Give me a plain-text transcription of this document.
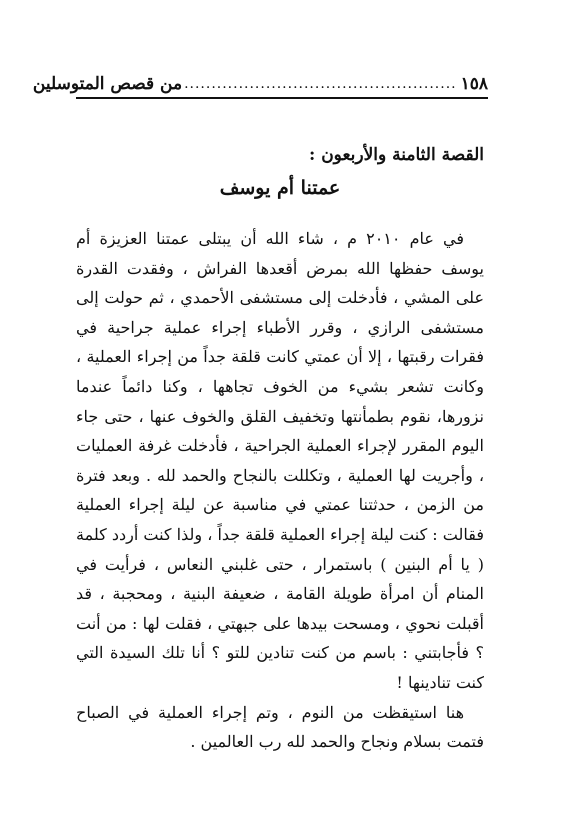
١٥٨
..................................................
من قصص المتوسلين
القصة الثامنة والأربعون :
عمتنا أم يوسف

في عام ٢٠١٠ م ، شاء الله أن يبتلى عمتنا العزيزة أم يوسف حفظها الله بمرض أقعدها الفراش ، وفقدت القدرة على المشي ، فأدخلت إلى مستشفى الأحمدي ، ثم حولت إلى مستشفى الرازي ، وقرر الأطباء إجراء عملية جراحية في فقرات رقبتها ، إلا أن عمتي كانت قلقة جداً من إجراء العملية ، وكانت تشعر بشيء من الخوف تجاهها ، وكنا دائماً عندما نزورها، نقوم بطمأنتها وتخفيف القلق والخوف عنها ، حتى جاء اليوم المقرر لإجراء العملية الجراحية ، فأدخلت غرفة العمليات ، وأجريت لها العملية ، وتكللت بالنجاح والحمد لله . وبعد فترة من الزمن ، حدثتنا عمتي في مناسبة عن ليلة إجراء العملية فقالت : كنت ليلة إجراء العملية قلقة جداً ، ولذا كنت أردد كلمة ( يا أم البنين ) باستمرار ، حتى غلبني النعاس ، فرأيت في المنام أن امرأة طويلة القامة ، ضعيفة البنية ، ومحجبة ، قد أقبلت نحوي ، ومسحت بيدها على جبهتي ، فقلت لها : من أنت ؟ فأجابتني : باسم من كنت تنادين للتو ؟ أنا تلك السيدة التي كنت تنادينها !

هنا استيقظت من النوم ، وتم إجراء العملية في الصباح فتمت بسلام ونجاح والحمد لله رب العالمين .
